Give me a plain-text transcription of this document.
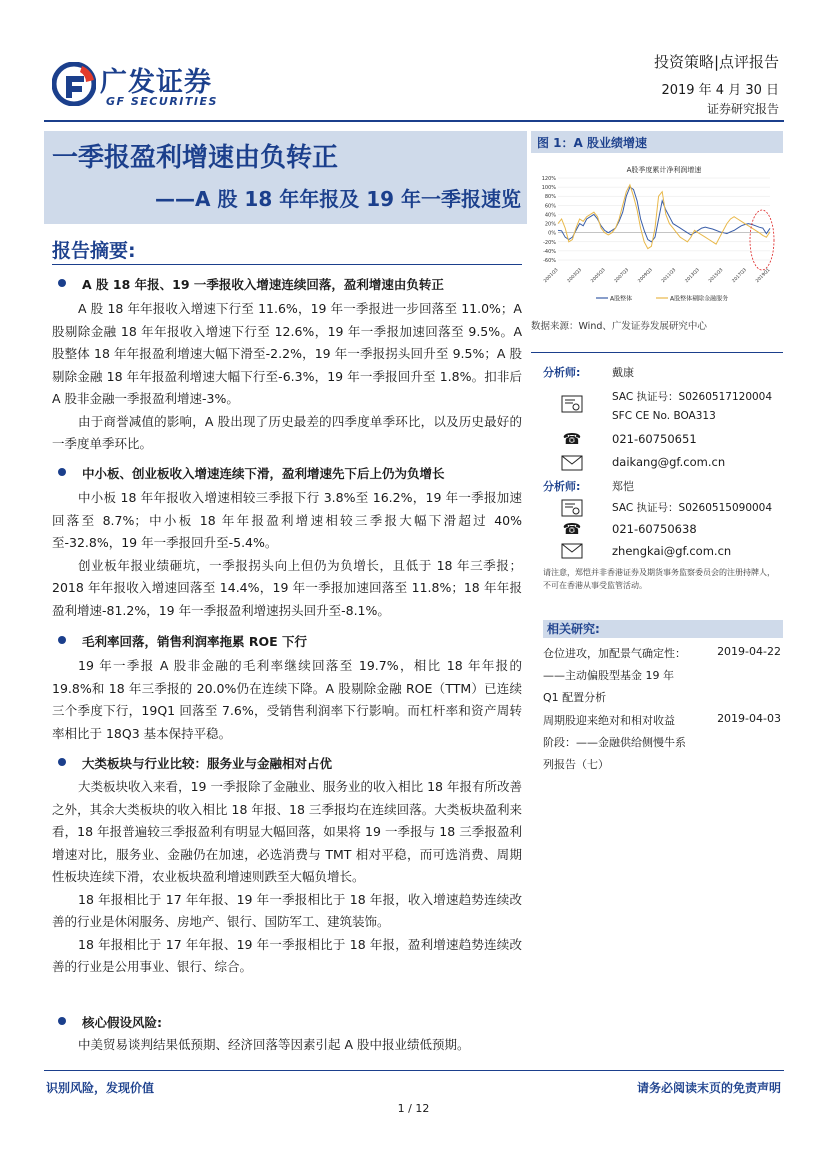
广发证券
GF SECURITIES
投资策略|点评报告
2019 年 4 月 30 日
证券研究报告
一季报盈利增速由负转正
——A 股 18 年年报及 19 年一季报速览
报告摘要:
A 股 18 年报、19 一季报收入增速连续回落，盈利增速由负转正

A 股 18 年年报收入增速下行至 11.6%，19 年一季报进一步回落至 11.0%；A 股剔除金融 18 年年报收入增速下行至 12.6%，19 年一季报加速回落至 9.5%。A 股整体 18 年年报盈利增速大幅下滑至-2.2%，19 年一季报拐头回升至 9.5%；A 股剔除金融 18 年年报盈利增速大幅下行至-6.3%，19 年一季报回升至 1.8%。扣非后 A 股非金融一季报盈利增速-3%。

由于商誉减值的影响，A 股出现了历史最差的四季度单季环比，以及历史最好的一季度单季环比。

中小板、创业板收入增速连续下滑，盈利增速先下后上仍为负增长

中小板 18 年年报收入增速相较三季报下行 3.8%至 16.2%，19 年一季报加速回落至 8.7%；中小板 18 年年报盈利增速相较三季报大幅下滑超过 40%至-32.8%，19 年一季报回升至-5.4%。

创业板年报业绩砸坑，一季报拐头向上但仍为负增长，且低于 18 年三季报；2018 年年报收入增速回落至 14.4%，19 年一季报加速回落至 11.8%；18 年年报盈利增速-81.2%，19 年一季报盈利增速拐头回升至-8.1%。

毛利率回落，销售利润率拖累 ROE 下行

19 年一季报 A 股非金融的毛利率继续回落至 19.7%，相比 18 年年报的 19.8%和 18 年三季报的 20.0%仍在连续下降。A 股剔除金融 ROE（TTM）已连续三个季度下行，19Q1 回落至 7.6%，受销售利润率下行影响。而杠杆率和资产周转率相比于 18Q3 基本保持平稳。

大类板块与行业比较：服务业与金融相对占优

大类板块收入来看，19 一季报除了金融业、服务业的收入相比 18 年报有所改善之外，其余大类板块的收入相比 18 年报、18 三季报均在连续回落。大类板块盈利来看，18 年报普遍较三季报盈利有明显大幅回落，如果将 19 一季报与 18 三季报盈利增速对比，服务业、金融仍在加速，必选消费与 TMT 相对平稳，而可选消费、周期性板块连续下滑，农业板块盈利增速则跌至大幅负增长。

18 年报相比于 17 年年报、19 年一季报相比于 18 年报，收入增速趋势连续改善的行业是休闲服务、房地产、银行、国防军工、建筑装饰。

18 年报相比于 17 年年报、19 年一季报相比于 18 年报，盈利增速趋势连续改善的行业是公用事业、银行、综合。

核心假设风险:

中美贸易谈判结果低预期、经济回落等因素引起 A 股中报业绩低预期。

图 1：A 股业绩增速
A股季度累计净利润增速
120%
100%
80%
60%
40%
20%
0%
-20%
-40%
-60%
2001Q3 2003Q3 2005Q3 2007Q3 2009Q3 2011Q3 2013Q3 2015Q3 2017Q3 2019Q1
A股整体	A股整体剔除金融服务
数据来源：Wind、广发证券发展研究中心
分析师:	戴康
SAC 执证号：S0260517120004
SFC CE No. BOA313
☎	021-60750651
daikang@gf.com.cn
分析师:	郑恺
SAC 执证号：S0260515090004
☎	021-60750638
zhengkai@gf.com.cn
请注意，郑恺并非香港证券及期货事务监察委员会的注册持牌人，不可在香港从事受监管活动。
相关研究:
仓位进攻，加配景气确定性：	2019-04-22
——主动偏股型基金 19 年
Q1 配置分析
周期股迎来绝对和相对收益	2019-04-03
阶段：——金融供给侧慢牛系
列报告（七）
识别风险，发现价值	请务必阅读末页的免责声明
1 / 12
